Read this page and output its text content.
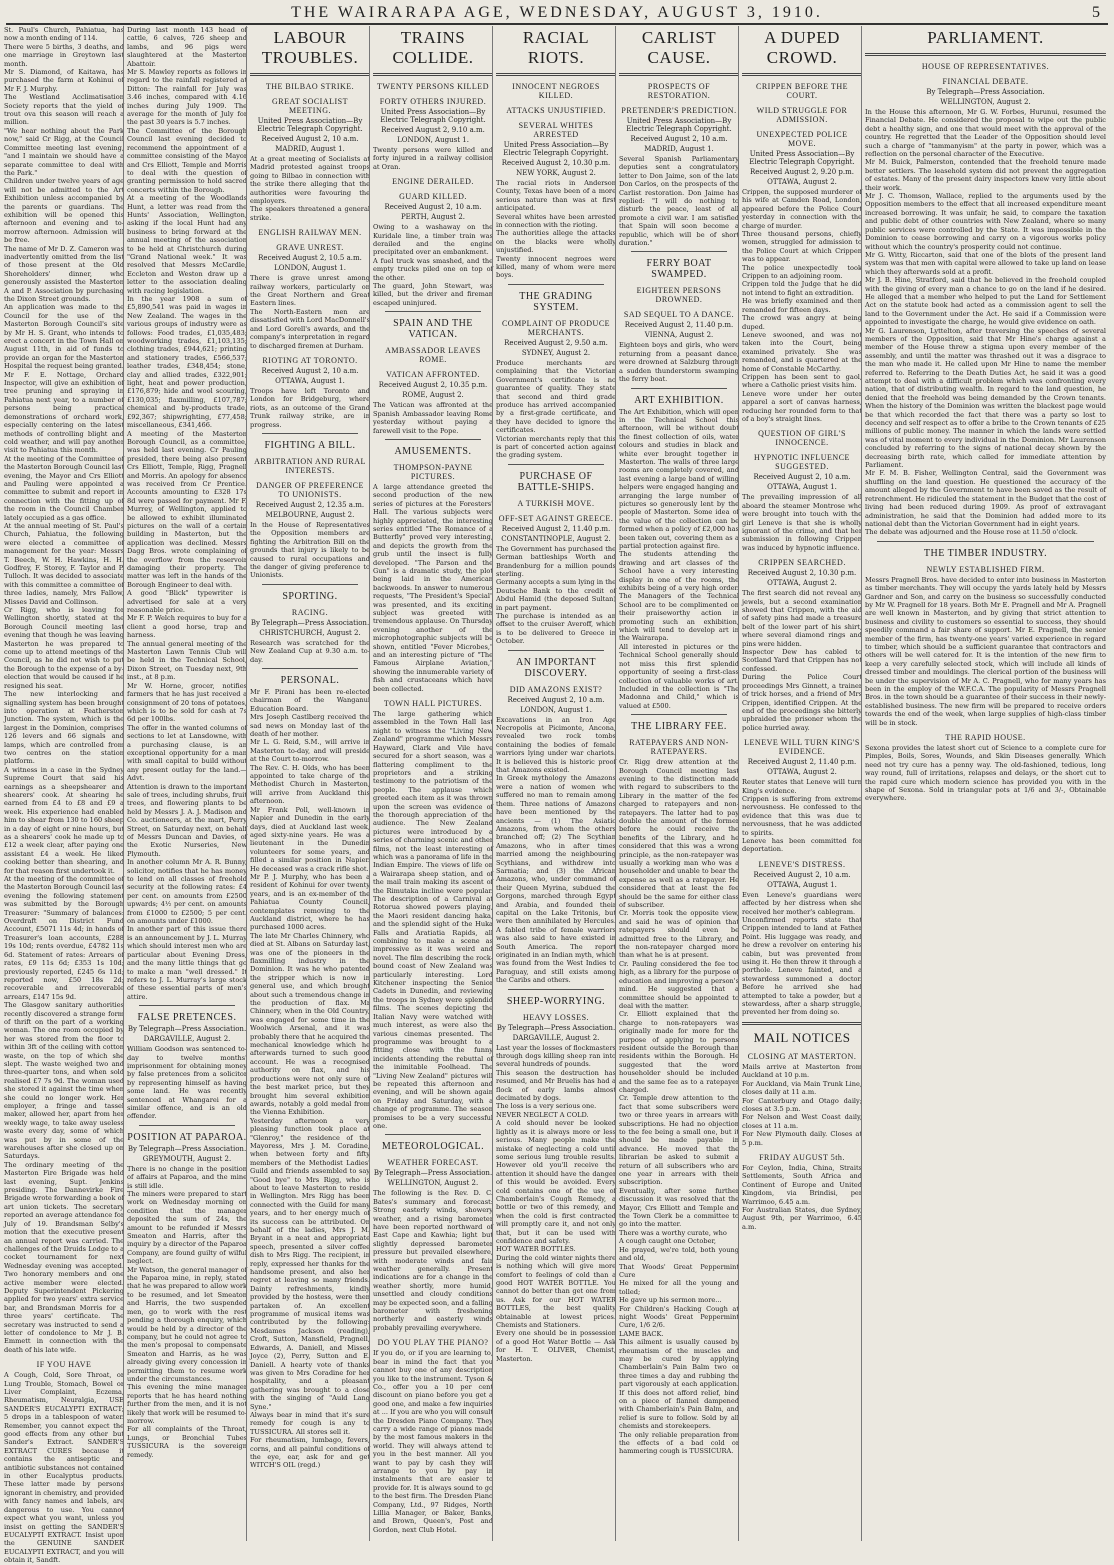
THE WAIRARAPA AGE, WEDNESDAY, AUGUST 3, 1910.	5

St. Paul's Church, Pahiatua, has now a month ending of 114.
There were 5 births, 3 deaths, and one marriage in Greytown last month.
Mr S. Diamond, of Kaitawa, has purchased the farm at Kohinui of Mr F. J. Murphy.
The Westland Acclimatisation Society reports that the yield of trout ova this season will reach a million.
"We hear nothing about the Park now," said Cr Rigg, at the Council Committee meeting last evening, "and I maintain we should have a separate committee to deal with the Park."
Children under twelve years of age will not be admitted to the Art Exhibition unless accompanied by the parents or guardians. The exhibition will be opened this afternoon and evening and to-morrow afternoon. Admission will be free.
The name of Mr D. Z. Cameron was inadvertently omitted from the list of those present at the Old Shoreholders' dinner, who generously assisted the Masterton A and P. Association by purchasing the Dixon Street grounds.
An application was made to the Council for the use of the Masterton Borough Council's site by Mr H. S. Grant, who intends to erect a concert in the Town Hall on August 11th, in aid of funds to provide an organ for the Masterton Hospital the request being granted.
Mr F. E. Nottage, Orchard Inspector, will give an exhibition of tree pruning and spraying in Pahiatua next year, to a number of persons being practical demonstrations of orchard work, especially centering on the latest methods of controlling blight and cold weather, and will pay another visit to Pahiatua this month.
At the meeting of the Committee of the Masterton Borough Council last evening, the Mayor and Crs Elliott and Pauling were appointed a committee to submit and report in connection with the fitting up of the room in the Council Chamber lately occupied as a gas office.
At the annual meeting of St. Paul's Church, Pahiatua, the following were elected a committee of management for the year: Messrs T. Beech, W. H. Hawkins, H. H. Godfrey, F. Storey, F. Taylor and P. Tulloch. It was decided to associate with this committee a committee of three ladies, namely, Mrs Fallow, Misses David and Collinson.
Cr Rigg, who is leaving for Wellington shortly, stated at the Borough Council meeting last evening that though he was leaving Masterton he was prepared to come up to attend meetings of the Council, as he did not wish to put the Borough to the expense of a by-election that would be caused if he resigned his seat.
The new interlocking and signalling system has been brought into operation at Featherston Junction. The system, which is the largest in the Dominion, comprises 126 levers and 66 signals and lamps, which are controlled from two centres on the station platform.
A witness in a case in the Sydney Supreme Court that said his earnings as a sheepshearer and shearers' cook. At shearing he earned from £4 to £8 and £9 a week. His experience had enabled him to shear from 130 to 160 sheep in a day of eight or nine hours, but as a shearers' cook he made up to £12 a week clear, after paying one assistant £4 a week. He liked cooking better than shearing, and for that reason first undertook it.
At the meeting of the committee of the Masterton Borough Council last evening the following statement was submitted by the Borough Treasurer: "Summary of balances: Overdraft on District Fund Account, £5071 11s 4d; in hands of Treasurer's loan accounts, £288 19s 10d; rents overdue, £4782 11s 6d. Statement of rates: Arrears of rates, £9 11s 6d; £353 1s 10d; previously reported, £245 6s 11d; reported now, £50 18s 2d; recoverable and irrecoverable arrears, £147 15s 9d.
The Glasgow sanitary authorities recently discovered a strange form of thrift on the part of a working woman. The one room occupied by her was stored from the floor to within 3ft of the ceiling with cotton waste, on the top of which she slept. The waste weighed two and three-quarter tons, and when sold realised £7 7s 9d. The woman used she stored it against the time when she could no longer work. Her employer, a fringe and tassel maker, allowed her, apart from her weekly wage, to take away useless waste every day, some of which was put by in some of the warehouses after she closed up on Saturdays.
The ordinary meeting of the Masterton Fire Brigade was held last evening, Supt. Jenkins presiding. The Dannevirke Fire Brigade wrote forwarding a book of art union tickets. The secretary reported an average attendance for July of 19. Brandsman Selby's motion that the executive present an annual report was carried. The challenges of the Druids Lodge to a cocket tournament for next Wednesday evening was accepted. Two honorary members and one active member were elected. Deputy Superintendent Pickering applied for two years' extra service bar, and Brandsman Morris for a three years' certificate. The secretary was instructed to send a letter of condolence to Mr J. B. Emmett in connection with the death of his late wife.

IF YOU HAVE

A Cough, Cold, Sore Throat, or Lung Trouble, Stomach, Bowel or Liver Complaint, Eczema, Rheumatism, Neuralgia, USE SANDER'S EUCALYPTI EXTRACT; 5 drops in a tablespoon of water. Remember, you cannot expect the good effects from any other but Sander's Extract. SANDER'S EXTRACT CURES because it contains the antiseptic and antibiotic substances not contained in other Eucalyptus products. These latter made by persons ignorant in chemistry, and provided with fancy names and labels, are dangerous to use. You cannot expect what you want, unless you insist on getting the SANDER'S EUCALYPTI EXTRACT. Insist upon the GENUINE SANDER EUCALYPTI EXTRACT, and you will obtain it, Sandft.

During last month 143 head of cattle, 6 calves, 726 sheep and lambs, and 96 pigs were slaughtered at the Masterton Abattoir.
Mr S. Mawley reports as follows in regard to the rainfall registered at Ditton: The rainfall for July was 3.46 inches, compared with 4.16 inches during July 1909. The average for the month of July for the past 30 years is 5.7 inches.
The Committee of the Borough Council last evening decided to recommend the appointment of a committee consisting of the Mayor and Crs Elliott, Temple and Morris to deal with the question of granting permission to hold sacred concerts within the Borough.
At a meeting of the Woodlands Hunt, a letter was read from the Hunts' Association, Wellington, asking if the local Hunt had any business to bring forward at the annual meeting of the association to be held at Christchurch during "Grand National week." It was resolved that Messrs McCardle, Eccleton and Weston draw up a letter to the association dealing with racing legislation.
In the year 1908 a sum of £5,890,541 was paid in wages in New Zealand. The wages in the various groups of industry were as follows: Food trades, £1,035,483; woodworking trades, £1,103,135; clothing trades, £944,621; printing and stationery trades, £566,537; leather trades, £348,454; stone, clay and allied trades, £322,901; light, heat and power production, £176,879; hide and wool scouring, £130,035; flaxmilling, £107,787; chemical and by-products trade, £92,367; shipwrighting, £77,458; miscellaneous, £341,466.
A meeting of the Masterton Borough Council, as a committee, was held last evening. Cr Pauling presided, there being also present Crs Elliott, Temple, Rigg, Pragnell and Morris. An apology for absence was received from Cr Prentice. Accounts amounting to £328 17s 8d were passed for payment. Mr F. Murrey, of Wellington, applied to be allowed to exhibit illuminated pictures on the wall of a certain building in Masterton, but the application was declined. Messrs Dagg Bros. wrote complaining of the overflow from the reservoir damaging their property. The matter was left in the hands of the Borough Engineer to deal with.
A good "Blick" typewriter is advertised for sale at a very reasonable price.
Mr F. P. Welch requires to buy for a client a good horse, trap and harness.
The annual general meeting of the Masterton Lawn Tennis Club will be held in the Technical School, Dixon Street, on Tuesday next, 9th inst., at 8 p.m.
Mr W. Horne, grocer, notifies farmers that he has just received a consignment of 20 tons of potatoes, which is to be sold for cash at 7s 6d per 100lbs.
The offer in the wanted columns of sections to let at Lansdowne, with a purchasing clause, is an exceptional opportunity for a man with small capital to build without any present outlay for the land.—Advt.
Attention is drawn to the important sale of trees, including shrubs, fruit trees, and flowering plants to be held by Messrs J. A. J. Madison and Co. auctioneers, at the mart, Perry Street, on Saturday next, on behalf of Messrs Duncan and Davies, of the Exotic Nurseries, New Plymouth.
In another column Mr A. R. Bunny, solicitor, notifies that he has money to lend on all classes of freehold security at the following rates: £4 per cent. on amounts from £2500 upwards; 4½ per cent. on amounts from £1000 to £2500; 5 per cent. on amounts under £1000.
In another part of this issue there is an announcement by J. L. Murray which should interest men who are particular about Evening Dress, and the many little things that go to make a man "well dressed." It refers to J. L. Murray's large stock of these essential parts of men's attire.

FALSE PRETENCES.
By Telegraph—Press Association.
DARGAVILLE, August 2.

William Goodson was sentenced to-day to twelve months' imprisonment for obtaining money by false pretences from a solicitor by representing himself as having some land. He was recently sentenced at Whangarei for a similar offence, and is an old offender.

POSITION AT PAPAROA.
By Telegraph—Press Association.
GREYMOUTH, August 2.

There is no change in the position of affairs at Paparoa, and the mine is still idle.
The miners were prepared to start work on Wednesday morning on condition that the manager deposited the sum of 24s, the amount to be refunded if Messrs Smeaton and Harris, after the inquiry by a director of the Paparoa Company, are found guilty of wilful neglect.
Mr Watson, the general manager of the Paparoa mine, in reply, stated that he was prepared to allow work to be resumed, and let Smeaton and Harris, the two suspended men, go to work with the rest pending a thorough enquiry, which would be held by a director of the company, but he could not agree to the men's proposal to compensate Smeaton and Harris, as he was already giving every concession in permitting them to resume work under the circumstances.
This evening the mine manager reports that he has heard nothing further from the men, and it is not likely that work will be resumed to-morrow.
For all complaints of the Throat, Lungs, or Bronchial Tubes TUSSICURA is the sovereign remedy.

LABOUR TROUBLES.
THE BILBAO STRIKE.
GREAT SOCIALIST MEETING.
United Press Association—By Electric Telegraph Copyright.
Received August 2, 10 a.m.
MADRID, August 1.

At a great meeting of Socialists at Madrid protested against troops going to Bilbao in connection with the strike there alleging that the authorities were favouring the employers.
The speakers threatened a general strike.

ENGLISH RAILWAY MEN.
GRAVE UNREST.
Received August 2, 10.5 a.m.
LONDON, August 1.

There is grave unrest among railway workers, particularly on the Great Northern and Great Eastern lines.
The North-Eastern men are dissatisfied with Lord MacDonnell's and Lord Gorell's awards, and the company's interpretation in regard to discharged firemen at Durham.

RIOTING AT TORONTO.
Received August 2, 10 a.m.
OTTAWA, August 1.

Troops have left Toronto and London for Bridgeburg, where riots, as an outcome of the Grand Trunk railway strike, are in progress.

FIGHTING A BILL.
ARBITRATION AND RURAL INTERESTS.
DANGER OF PREFERENCE TO UNIONISTS.
Received August 2, 12.35 a.m.
MELBOURNE, August 2.

In the House of Representatives the Opposition members are fighting the Arbitration Bill on the grounds that injury is likely to be caused to rural occupations and the danger of giving preference to Unionists.

SPORTING.
RACING.
By Telegraph—Press Association.
CHRISTCHURCH, August 2.

Research was scratched for the New Zealand Cup at 9.30 a.m. to-day.

PERSONAL.

Mr F. Pirani has been re-elected chairman of the Wanganui Education Board.
Mrs Joseph Castlberg received the sad news on Monday last of the death of her mother.
Mr L. G. Reid, S.M., will arrive in Masterton to-day, and will preside at the Court to-morrow.
The Rev. C. H. Olds, who has been appointed to take charge of the Methodist Church in Masterton, will arrive from Auckland this afternoon.
Mr Frank Poll, well-known in Napier and Dunedin in the early days, died at Auckland last week, aged sixty-nine years. He was a lieutenant in the Dunedin volunteers for some years, and filled a similar position in Napier. He deceased was a crack rifle shot.
Mr P. J. Murphy, who has been a resident of Kohinui for over twenty years, and is an ex-member of the Pahiatua County Council, contemplates removing to the Auckland district, where he has purchased 1000 acres.
The late Mr Charles Chinnery, who died at St. Albans on Saturday last, was one of the pioneers in the flaxmilling industry in the Dominion. It was he who patented the stripper which is now in general use, and which brought about such a tremendous change in the production of flax. Mr Chinnery, when in the Old Country, was engaged for some time in the Woolwich Arsenal, and it was probably there that he acquired the mechanical knowledge which he afterwards turned to such good account. He was a recognised authority on flax, and his productions were not only sure of the best market price, but they brought him several exhibition awards, notably a gold medal from the Vienna Exhibition.
Yesterday afternoon a very pleasing function took place at "Glenroy," the residence of the Mayoress, Mrs J. M. Coradine, when between forty and fifty members of the Methodist Ladies' Guild and friends assembled to say "Good bye" to Mrs Rigg, who is about to leave Masterton to reside in Wellington. Mrs Rigg has been connected with the Guild for many years, and to her energy much of its success can be attributed. On behalf of the ladies, Mrs J. M. Bryant in a neat and appropriate speech, presented a silver coffee dish to Mrs Rigg. The recipient, in reply, expressed her thanks for the handsome present, and also her regret at leaving so many friends. Dainty refreshments, kindly provided by the hostess, were then partaken of. An excellent programme of musical items was contributed by the following: Mesdames Jackson (reading), Croft, Sutton, Mansfield, Pragnell, Edwards, A. Daniell, and Misses Joyce (2), Perry, Sutton and E. Daniell. A hearty vote of thanks was given to Mrs Coradine for her hospitality, and a pleasant gathering was brought to a close with the singing of "Auld Lang Syne."

Always bear in mind that it's sure remedy for cough is any to TUSSICURA. All stores sell it.
For rheumatism, lumbago, fevers, corns, and all painful conditions of the eye, ear, ask for and get WITCH'S OIL (regd.)

TRAINS COLLIDE.
TWENTY PERSONS KILLED
FORTY OTHERS INJURED.
United Press Association—By Electric Telegraph Copyright.
Received August 2, 9.10 a.m.
LONDON, August 1.

Twenty persons were killed and forty injured in a railway collision at Oran.

ENGINE DERAILED.
GUARD KILLED.
Received August 2, 10 a.m.
PERTH, August 2.

Owing to a washaway on the Kuridale line, a timber train was derailed and the engine precipitated over an embankment.
A fuel truck was smashed, and the empty trucks piled one on top of the other.
The guard, John Stewart, was killed, but the driver and fireman escaped uninjured.

SPAIN AND THE VATICAN.
AMBASSADOR LEAVES ROME.
VATICAN AFFRONTED.
Received August 2, 10.35 p.m.
ROME, August 2.

The Vatican was affronted at the Spanish Ambassador leaving Rome yesterday without paying a farewell visit to the Pope.

AMUSEMENTS.
THOMPSON-PAYNE PICTURES.

A large attendance greeted the second production of the new series of pictures at the Foresters' Hall. The various subjects were highly appreciated, the interesting series entitled "The Romance of a Butterfly" proved very interesting, and depicts the growth from the grub until the insect is fully developed. "The Parson and the Gun" is a dramatic study, the plot being laid in the American backwoods. In answer to numerous requests, "The President's Special" was presented, and its exciting subject was greeted with tremendous applause. On Thursday evening another of the microphotographic subjects will be shown, entitled "Fever Microbes," and an interesting picture of "The Famous Airplane Aviation," showing the innumerable variety of fish and crustaceans which have been collected.

TOWN HALL PICTURES.

The large gathering which assembled in the Town Hall last night to witness the "Living New Zealand" programme which Messrs Hayward, Clark and Vile have secured for a short season, was a flattering compliment to the proprietors and a striking testimony to the patriotism of the people. The applause which greeted each item as it was thrown upon the screen was evidence of the thorough appreciation of the audience. The New Zealand pictures were introduced by a series of charming scenic and other films, not the least interesting of which was a panorama of life in the Indian Empire. The views of life on a Wairarapa sheep station, and of the mail train making its ascent of the Rimutaka incline were popular. The description of a Carnival at Rotorua showed powers playing, the Maori resident dancing haka, and the splendid sight of the Huka Falls and Aratiatia Rapids, all combining to make a scene as impressive as it was weird and novel. The film describing the rock-bound coast of New Zealand was particularly interesting. Lord Kitchener inspecting the Senior Cadets in Dunedin, and reviewing the troops in Sydney were splendid films. The scenes depicting the Italian Navy were watched with much interest, as were also the various cinemas presented. The programme was brought to a fitting close with the funny incidents attending the rebuttal of the inimitable Foolhead. The "Living New Zealand" pictures will be repeated this afternoon and evening, and will be shown again on Friday and Saturday, with a change of programme. The season promises to be a very successful one.

METEOROLOGICAL.
WEATHER FORECAST.
By Telegraph—Press Association.
WELLINGTON, August 2.

The following is the Rev. D. C. Bates's summary and forecast: Strong easterly winds, showery weather, and a rising barometer have been reported northward of East Cape and Kawhia; light but slightly depressed barometer pressure but prevailed elsewhere, with moderate winds and fair weather generally. Present indications are for a change in the weather shortly, more humid, unsettled and cloudy conditions may be expected soon, and a falling barometer with freshening northerly and easterly winds probably prevailing everywhere.

DO YOU PLAY THE PIANO?

If you do, or if you are learning to, bear in mind the fact that you cannot buy one of any description you like to the instrument. Tyson & Co., offer you a 10 per cent discount on piano before you get a good one, and make a few inquiries at ... If you are who you will consult the Dresden Piano Company. They carry a wide range of pianos made by the most famous makers in the world. They will always attend to you in the best manner. All you want to pay by cash they will arrange to you by pay in instalments that are easier to provide for. It is always sound to go to the best firm. The Dresden Piano Company, Ltd., 97 Ridges, North Lillia Manager, or Baker, Banks, and Brown, Queen's, Post and Gordon, next Club Hotel.

RACIAL RIOTS.
INNOCENT NEGROES KILLED.
ATTACKS UNJUSTIFIED.
SEVERAL WHITES ARRESTED
United Press Association—By Electric Telegraph Copyright.
Received August 2, 10.30 p.m.
NEW YORK, August 2.

The racial riots in Anderson County, Texas have been of a more serious nature than was at first anticipated.
Several whites have been arrested in connection with the rioting.
The authorities allege the attacks on the blacks were wholly unjustified.
Twenty innocent negroes were killed, many of whom were mere boys.

THE GRADING SYSTEM.
COMPLAINT OF PRODUCE MERCHANTS.
Received August 2, 9.50 a.m.
SYDNEY, August 2.

Produce merchants are complaining that the Victorian Government's certificate is no guarantee of quality. They state that second and third grade produce has arrived accompanied by a first-grade certificate, and they have decided to ignore the certificates.
Victorian merchants reply that this is part of concerted action against the grading system.

PURCHASE OF BATTLE-SHIPS.
A TURKISH MOVE.
OFF-SET AGAINST GREECE.
Received August 2, 11.40 p.m.
CONSTANTINOPLE, August 2.

The Government has purchased the German battleships Worth and Brandenburg for a million pounds sterling.
Germany accepts a sum lying in the Deutsche Bank to the credit of Abdul Hamid (the deposed Sultan) in part payment.
The purchase is intended as an offset to the cruiser Averoff, which is to be delivered to Greece in October.

AN IMPORTANT DISCOVERY.
DID AMAZONS EXIST?
Received August 2, 10 a.m.
LONDON, August 1.

Excavations in an Iron Age Necropolis at Picimonte, Ancona, revealed two rock tombs containing the bodies of female warriors lying under war chariots. It is believed this is historic proof that Amazons existed.
In Greek mythology the Amazons were a nation of women who suffered no man to remain among them. Three nations of Amazons have been mentioned by the ancients — (1) The Asiatic Amazons, from whom the others branched off; (2) The Scythian Amazons, who in after times married among the neighbouring Scythians, and withdrew into Sarmatia; and (3) the African Amazons, who, under command of their Queen Myrina, subdued the Gorgons, marched through Egypt and Arabia, and founded their capital on the Lake Tritonis, but were then annihilated by Hercules. A fabled tribe of female warriors was also said to have existed in South America. The report originated in an Indian myth, which was found from the West Indies to Paraguay, and still exists among the Caribs and others.

SHEEP-WORRYING.
HEAVY LOSSES.
By Telegraph—Press Association.
DARGAVILLE, August 2.

Last year the losses of flockmasters through dogs killing sheep ran into several hundreds of pounds.
This season the destruction has resumed, and Mr Bruelis has had a flock of early lambs almost decimated by dogs.
The loss is a very serious one.

NEVER NEGLECT A COLD.
A cold should never be looked lightly as it is always more or less serious. Many people make the mistake of neglecting a cold until some serious lung trouble results. However old you'll receive the attention it should have the danger of this would be avoided. Every cold contains one of the use of Chamberlain's Cough Remedy, a bottle or two of this remedy, and when the cold is first contracted will promptly care it, and not only that, but it can be used with confidence and safety.
HOT WATER BOTTLES.
During the cold winter nights there is nothing which will give more comfort to feelings of cold than a good HOT WATER BOTTLE. You cannot do better than get one from us. Ask for our HOT WATER BOTTLES, the best quality obtainable at lowest prices. Chemists and Stationers.
Every one should be in possession of a good Hot Water Bottle — Ask for H. T. OLIVER, Chemist, Masterton.

CARLIST CAUSE.
PROSPECTS OF RESTORATION.
PRETENDER'S PREDICTION.
United Press Association—By Electric Telegraph Copyright.
Received August 2, 10 a.m.
MADRID, August 1.

Several Spanish Parliamentary deputies sent a congratulatory letter to Don Jaime, son of the late Don Carlos, on the prospects of the Carlist restoration. Don Jaime has replied: "I will do nothing to disturb the peace, least of all promote a civil war. I am satisfied that Spain will soon become a republic, which will be of short duration."

FERRY BOAT SWAMPED.
EIGHTEEN PERSONS DROWNED.
SAD SEQUEL TO A DANCE.
Received August 2, 11.40 p.m.
VIENNA, August 2.

Eighteen boys and girls, who were returning from a peasant dance, were drowned at Salzburg through a sudden thunderstorm swamping the ferry boat.

ART EXHIBITION.

The Art Exhibition, which will open in the Technical School this afternoon, will be without doubt the finest collection of oils, water colours and studies in black and white ever brought together in Masterton. The walls of three large rooms are completely covered, and last evening a large band of willing helpers were engaged hanging and arranging the large number of pictures so generously lent by the people of Masterton. Some idea of the value of the collection can be formed when a policy of £2,000 has been taken out, covering them as a partial protection against fire.
The students attending the drawing and art classes of the School have a very interesting display in one of the rooms, the exhibits being of a very high order. The Managers of the Technical School are to be complimented on their praiseworthy action in promoting such an exhibition, which will tend to develop art in the Wairarapa.
All interested in pictures or the Technical School generally should not miss this first splendid opportunity of seeing a first-class collection of valuable works of art. Included in the collection is "The Madonna and Child," which is valued at £500.

THE LIBRARY FEE.
RATEPAYERS AND NON-RATEPAYERS.

Cr. Rigg drew attention at the Borough Council meeting last evening to the distinction made with regard to subscribers to the Library in the matter of the fee charged to ratepayers and non-ratepayers. The latter had to pay double the amount of the former before he could receive the benefits of the Library, and he considered that this was a wrong principle, as the non-ratepayer was usually a working man who was a householder and unable to bear the expense as well as a ratepayer. He considered that at least the fee should be the same for either class of subscriber.
Cr. Morris took the opposite view, and said he was of opinion that ratepayers should even be admitted free to the Library, and the non-ratepayer charged more than what he is at present.
Cr. Pauling considered the fee too high, as a library for the purpose of education and improving a person's mind. He suggested that a committee should be appointed to deal with the matter.
Cr. Elliott explained that the charge to non-ratepayers was originally made for more for the purpose of applying to persons resident outside the Borough than residents within the Borough. He suggested that the word householder should be included and the same fee as to a ratepayer charged.
Cr. Temple drew attention to the fact that some subscribers were two or three years in arrears with subscriptions. He had no objection to the fee being a small one, but it should be made payable in advance. He moved that the librarian be asked to submit a return of all subscribers who are one year in arrears with their subscription.
Eventually, after some further discussion it was resolved that the Mayor, Crs Elliott and Temple and the Town Clerk be a committee to go into the matter.

There was a worthy curate, who
A cough caught one October,
He prayed, we're told, both young and old,
That Woods' Great Peppermint Cure
He mixed for all the young and tolled;
He gave up his sermon more...
For Children's Hacking Cough at night Woods' Great Peppermint Cure, 1/6 2/6.
LAME BACK.
This ailment is usually caused by rheumatism of the muscles and may be cured by applying Chamberlain's Pain Balm two or three times a day and rubbing the part vigorously at each application. If this does not afford relief, bind on a piece of flannel dampened with Chamberlain's Pain Balm, and relief is sure to follow. Sold by all chemists and storekeepers.
The only reliable preparation from the effects of a bad cold or hammering cough is TUSSICURA.

A DUPED CROWD.
CRIPPEN BEFORE THE COURT.
WILD STRUGGLE FOR ADMISSION.
UNEXPECTED POLICE MOVE.
United Press Association—By Electric Telegraph Copyright.
Received August 2, 9.20 p.m.
OTTAWA, August 2.

Crippen, the supposed murderer of his wife at Camden Road, London, appeared before the Police Court yesterday in connection with the charge of murder.
Three thousand persons, chiefly women, struggled for admission to the Police Court at which Crippen was to appear.
The police unexpectedly took Crippen to an adjoining room.
Crippen told the Judge that he did not intend to fight an extradition.
He was briefly examined and then remanded for fifteen days.
The crowd was angry at being duped.
Leneve swooned, and was not taken into the Court, being examined privately. She was remanded, and is quartered at the home of Constable McCarthy.
Crippen has been sent to gaol, where a Catholic priest visits him.
Leneve wore under her outer apparel a sort of canvas harness, reducing her rounded form to that of a boy's straight lines.

QUESTION OF GIRL'S INNOCENCE.
HYPNOTIC INFLUENCE SUGGESTED.
Received August 2, 10 a.m.
OTTAWA, August 1.

The prevailing impression of all aboard the steamer Montrose who were brought into touch with the girl Leneve is that she is wholly ignorant of the crime, and that her submission in following Crippen was induced by hypnotic influence.

CRIPPEN SEARCHED.
Received August 2, 10.30 p.m.
OTTAWA, August 2.

The first search did not reveal any jewels, but a second examination showed that Crippen, with the aid of safety pins had made a treasure belt of the lower part of his shirt, where several diamond rings and pins were hidden.
Inspector Dew has cabled to Scotland Yard that Crippen has not confessed.
During the Police Court proceedings Mrs Ginnett, a trainer of trick horses, and a friend of Mrs Crippen, identified Crippen. At the end of the proceedings she bitterly upbraided the prisoner whom the police hurried away.

LENEVE WILL TURN KING'S EVIDENCE.
Received August 2, 11.40 p.m.
OTTAWA, August 2.

Reuter states that Leneve will turn King's evidence.
Crippen is suffering from extreme nervousness. He confessed to the evidence that this was due to nervousness, that he was addicted to spirits.
Leneve has been committed for deportation.

LENEVE'S DISTRESS.
Received August 2, 10 a.m.
OTTAWA, August 1.

Even Leneve's guardians were affected by her distress when she received her mother's cablegram.
Unconfirmed reports state that Crippen intended to land at Father Point. His luggage was ready, and he drew a revolver on entering his cabin, but was prevented from using it. He then threw it through a porthole. Leneve fainted, and a stewardess summoned a doctor. Before he arrived she had attempted to take a powder, but a stewardess, after a sharp struggle, prevented her from doing so.

MAIL NOTICES
CLOSING AT MASTERTON.

Mails arrive at Masterton from Auckland at 10 p.m.
For Auckland, via Main Trunk Line, closes daily at 11 a.m.
For Canterbury and Otago daily; closes at 3.5 p.m.
For Nelson and West Coast daily, closes at 11 a.m.
For New Plymouth daily. Closes at 5 p.m.

FRIDAY AUGUST 5th.

For Ceylon, India, China, Straits Settlements, South Africa and Continent of Europe and United Kingdom, via Brindisi, per Warrimoo, 6.45 a.m.
For Australian States, due Sydney, August 9th, per Warrimoo, 6.45 a.m.

PARLIAMENT.
HOUSE OF REPRESENTATIVES.
FINANCIAL DEBATE.
By Telegraph—Press Association.
WELLINGTON, August 2.

In the House this afternoon, Mr G. W. Forbes, Hurunui, resumed the Financial Debate. He considered the proposal to wipe out the public debt a healthy sign, and one that would meet with the approval of the country. He regretted that the Leader of the Opposition should level such a charge of "tammanyism" at the party in power, which was a reflection on the personal character of the Executive.
Mr M. Buick, Palmerston, contended that the freehold tenure made better settlers. The leasehold system did not prevent the aggregation of estates. Many of the present dairy inspectors knew very little about their work.
Mr J. C. Thomson, Wallace, replied to the arguments used by the Opposition members to the effect that all increased expenditure meant increased borrowing. It was unfair, he said, to compare the taxation and public debt of other countries with New Zealand, where so many public services were controlled by the State. It was impossible in the Dominion to cease borrowing and carry on a vigorous works policy without which the country's prosperity could not continue.
Mr G. Witty, Riccarton, said that one of the blots of the present land system was that men with capital were allowed to take up land on lease which they afterwards sold at a profit.
Mr J. B. Hine, Stratford, said that he believed in the freehold coupled with the giving of every man a chance to go on the land if he desired. He alleged that a member who helped to put the Land for Settlement Act on the statute book had acted as a commission agent to sell the land to the Government under the Act. He said if a Commission were appointed to investigate the charge, he would give evidence on oath.
Mr G. Laurenson, Lyttelton, after traversing the speeches of several members of the Opposition, said that Mr Hine's charge against a member of the House threw a stigma upon every member of the assembly, and until the matter was thrashed out it was a disgrace to the man who made it. He called upon Mr Hine to name the member referred to. Referring to the Death Duties Act, he said it was a good attempt to deal with a difficult problem which was confronting every nation, that of distributing wealth. In regard to the land question, he denied that the freehold was being demanded by the Crown tenants. When the history of the Dominion was written the blackest page would be that which recorded the fact that there was a party so lost to decency and self respect as to offer a bribe to the Crown tenants of £25 millions of public money. The manner in which the lands were settled was of vital moment to every individual in the Dominion. Mr Laurenson concluded by referring to the signs of national decay shown by the decreasing birth rate, which called for immediate attention by Parliament.
Mr F. M. B. Fisher, Wellington Central, said the Government was shuffling on the land question. He questioned the accuracy of the amount alleged by the Government to have been saved as the result of retrenchment. He ridiculed the statement in the Budget that the cost of living had been reduced during 1909. As proof of extravagant administration, he said that the Dominion had added more to its national debt than the Victorian Government had in eight years.
The debate was adjourned and the House rose at 11.50 o'clock.

THE TIMBER INDUSTRY.
NEWLY ESTABLISHED FIRM.

Messrs Pragnell Bros. have decided to enter into business in Masterton as timber merchants. They will occupy the yards lately held by Messrs Gardner and Son, and carry on the business so successfully conducted by Mr W. Pragnell for 18 years. Both Mr E. Pragnell and Mr A. Pragnell are well known in Masterton, and by giving that strict attention to business and civility to customers so essential to success, they should speedily command a fair share of support. Mr E. Pragnell, the senior member of the firm, has twenty-one years' varied experience in regard to timber, which should be a sufficient guarantee that contractors and others will be well catered for. It is the intention of the new firm to keep a very carefully selected stock, which will include all kinds of dressed timber and mouldings. The clerical portion of the business will be under the supervision of Mr A. C. Pragnell, who for many years has been in the employ of the W.F.C.A. The popularity of Messrs Pragnell Bros. in the town should be a guarantee of their success in their newly-established business. The new firm will be prepared to receive orders towards the end of the week, when large supplies of high-class timber will be in stock.

THE RAPID HOUSE.

Sexona provides the latest short cut of Science to a complete cure for Pimples, Boils, Sores, Wounds, and Skin Diseases generally. Which need not try cure has a penny way. The old-fashioned, tedious, long way round, full of irritations, relapses and delays, or the short cut to the rapid cure which modern science has provided you with in the shape of Sexona. Sold in triangular pots at 1/6 and 3/-, Obtainable everywhere.
